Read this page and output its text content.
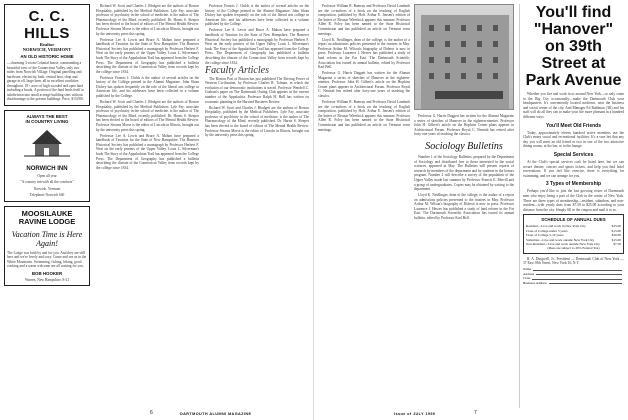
C. C. HILLS
Realtor
NORWICH, VERMONT
AN OLD HISTORIC HOME
—charming 3-room Colonial house, commanding a beautiful view of the Connecticut Valley, only two miles from Norwich Village. Original panelling and hardware, electricity, bath, central heat, shop and garage in ell, large barn, all in excellent condition throughout. 10+ acres of high wooded and open land including a brook. A portion of the land lends itself to subdivision into small acreage building sites without disadvantage to the present buildings. Price, $15,000.
ALWAYS THE BEST
IN COUNTRY LIVING
NORWICH INN
Open all year
"A country inn with all the comforts"
Norwich, Vermont
Telephone Norwich 640
MOOSILAUKE RAVINE LODGE
Vacation Time is Here Again!
The Lodge was built by and for you. And they are still here and we're lovely and cozy. Come and see us in the White Mountains. Swimming, fishing, hiking, good cooking and a warm welcome are all waiting for you.
BOB HOOKER
Warren, New Hampshire, 8-21

Richard W. Scott and Charles J. Blodgett are the authors of Boston Hospitality, published by the Medical Publishers. Lyle Fay, associate professor of psychiatry in the school of medicine, is the author of The Pharmacology of the Mind, recently published. Dr. Harris S. Sleeper has been elected to the board of editors of The Mental Health Review. Professor Stearns Morse is the editor of Lincoln in Illinois, brought out by the university press this spring.

Professor Lee A. Lewis and Bruce A. Mahon have prepared a handbook of Taxation for the State of New Hampshire. The Hanover Historical Society has published a monograph by Professor Herbert F. West on the early printers of the Upper Valley. Louis L. Silverman's book The Story of the Appalachian Trail has appeared from the College Press. The Department of Geography has published a bulletin describing the climate of the Connecticut Valley from records kept by the college since 1834.

Professor Francis J. Childs is the author of several articles on the history of the College printed in the Alumni Magazine. John Sloan Dickey has spoken frequently on the role of the liberal arts college in American life, and his addresses have been collected in a volume published by the College.

Richard W. Scott and Charles J. Blodgett are the authors of Boston Hospitality, published by the Medical Publishers. Lyle Fay, associate professor of psychiatry in the school of medicine, is the author of The Pharmacology of the Mind, recently published. Dr. Harris S. Sleeper has been elected to the board of editors of The Mental Health Review. Professor Stearns Morse is the editor of Lincoln in Illinois, brought out by the university press this spring.

Professor Lee A. Lewis and Bruce A. Mahon have prepared a handbook of Taxation for the State of New Hampshire. The Hanover Historical Society has published a monograph by Professor Herbert F. West on the early printers of the Upper Valley. Louis L. Silverman's book The Story of the Appalachian Trail has appeared from the College Press. The Department of Geography has published a bulletin describing the climate of the Connecticut Valley from records kept by the college since 1834.

Professor Francis J. Childs is the author of several articles on the history of the College printed in the Alumni Magazine. John Sloan Dickey has spoken frequently on the role of the liberal arts college in American life, and his addresses have been collected in a volume published by the College.

Professor Lee A. Lewis and Bruce A. Mahon have prepared a handbook of Taxation for the State of New Hampshire. The Hanover Historical Society has published a monograph by Professor Herbert F. West on the early printers of the Upper Valley. Louis L. Silverman's book The Story of the Appalachian Trail has appeared from the College Press. The Department of Geography has published a bulletin describing the climate of the Connecticut Valley from records kept by the college since 1834.

Faculty Articles

The Boston Post of Boston has just published The Driving Power of Western Civilization, by Professor Charles R. Tolman, in which the evolution of our democratic institutions is traced. Professor Wendell C. Graham's paper on The Dartmouth Outing Club appears in the current number of the Appalachia. Professor Ralph H. Hull has written on economic planning in the Harvard Business Review.

Richard W. Scott and Charles J. Blodgett are the authors of Boston Hospitality, published by the Medical Publishers. Lyle Fay, associate professor of psychiatry in the school of medicine, is the author of The Pharmacology of the Mind, recently published. Dr. Harris S. Sleeper has been elected to the board of editors of The Mental Health Review. Professor Stearns Morse is the editor of Lincoln in Illinois, brought out by the university press this spring.

6	DARTMOUTH ALUMNI MAGAZINE

Professor William R. Ramsay and Professor David Lambuth are the co-authors of a book on the teaching of English composition, published by Holt. Arthur E. Jensen's edition of the letters of Eleazar Wheelock appears this summer. Professor Allen R. Foley has been named to the State Historical Commission and has published an article on Vermont town meetings.

Lloyd K. Neidlinger, dean of the college, is the author of a report on admissions policies presented to the trustees in May. Professor Arthur M. Wilson's biography of Diderot is now in press. Professor Laurence I. Hewes has published a study of land reform in the Far East. The Dartmouth Scientific Association has issued its annual bulletin, edited by Professor Karl Bell.

Professor G. Harris Daggett has written for the Alumni Magazine a series of sketches of Hanover in the eighteen-nineties. Professor John H. Gilbert's article on the Hopkins Center plans appears in Architectural Forum. Professor Royal C. Nemiah has retired after forty-one years of teaching the classics.

Professor William R. Ramsay and Professor David Lambuth are the co-authors of a book on the teaching of English composition, published by Holt. Arthur E. Jensen's edition of the letters of Eleazar Wheelock appears this summer. Professor Allen R. Foley has been named to the State Historical Commission and has published an article on Vermont town meetings.

Professor G. Harris Daggett has written for the Alumni Magazine a series of sketches of Hanover in the eighteen-nineties. Professor John H. Gilbert's article on the Hopkins Center plans appears in Architectural Forum. Professor Royal C. Nemiah has retired after forty-one years of teaching the classics.

Sociology Bulletins

Number 1 of the Sociology Bulletins, prepared by the Department of Sociology and distributed free to those interested in the social sciences, appeared in May. The Bulletins will present reports of research by members of the department and by students in the honors program. Number 2 will describe a survey of the population of the Upper Valley made last summer by Professor Francis E. Merrill and a group of undergraduates. Copies may be obtained by writing to the department.

Lloyd K. Neidlinger, dean of the college, is the author of a report on admissions policies presented to the trustees in May. Professor Arthur M. Wilson's biography of Diderot is now in press. Professor Laurence I. Hewes has published a study of land reform in the Far East. The Dartmouth Scientific Association has issued its annual bulletin, edited by Professor Karl Bell.

You'll find "Hanover" on 39th Street at Park Avenue

Whether you live and work in or around New York—or only come to the Big City occasionally—make the Dartmouth Club your headquarters. It's conveniently located midtown, near the business and social center of the city. And Manager Ed Ruhlman ('46) and his staff will do all they can to make your life more pleasant in a hundred different ways.

You'll Meet Old Friends

Today, approximately eleven hundred active members use the Club's many social and recreational facilities. It's a sure bet that any day you will meet an old friend or two in one of the two attractive dining rooms, at the bar, or in the lounge.

Special Services

At the Club's special services can't be listed here, but we can secure theater, concert and sports tickets, and help you find hotel reservations. If you feel like exercise, there is everything for swimming, and we can arrange for you.

3 Types of Membership

Perhaps you'd like to join the fast growing roster of Dartmouth men who enjoy being a part of the Club in the center of New York. There are three types of membership—resident, suburban, and non-resident—with yearly dues from $7.50 to $25.00 according to your distance from the city. Simply fill in the coupon and mail it to us.

SCHEDULE OF ANNUAL DUES
Resident—Live and work in New York City	$25.00
Class of College under 5 years	$15.00
Class of College 5-10 years	$20.00
Suburban—Live and work outside New York City	$15.00
Non-Resident—Live and work outside New York City	$7.50
(Dues are subject to 20% Federal Tax)

R. A. Dingwell, Jr., President — Dartmouth Club of New York — 37 East 39th Street, New York 16, N.Y.

Name
Address
Class
Business Address
Issue of JULY 1950	7
